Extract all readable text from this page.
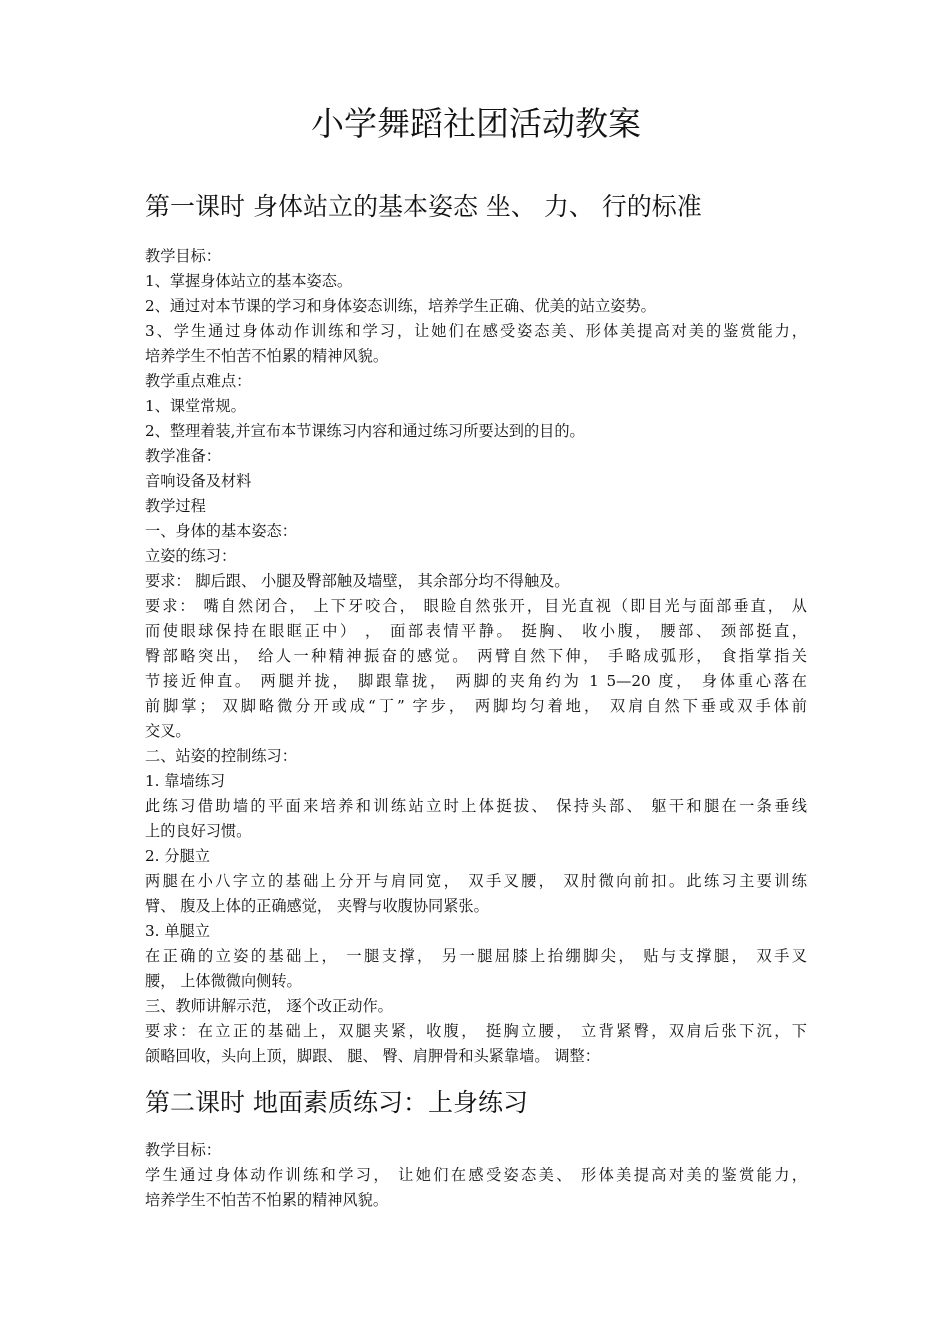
小学舞蹈社团活动教案
第一课时 身体站立的基本姿态 坐、 力、 行的标准
教学目标：
1、掌握身体站立的基本姿态。
2、通过对本节课的学习和身体姿态训练，培养学生正确、优美的站立姿势。
3、学生通过身体动作训练和学习，让她们在感受姿态美、形体美提高对美的鉴赏能力，
培养学生不怕苦不怕累的精神风貌。
教学重点难点：
1、课堂常规。
2、整理着装,并宣布本节课练习内容和通过练习所要达到的目的。
教学准备：
音响设备及材料
教学过程
一、身体的基本姿态：
立姿的练习：
要求： 脚后跟、 小腿及臀部触及墙壁， 其余部分均不得触及。
要求： 嘴自然闭合， 上下牙咬合， 眼睑自然张开，目光直视（即目光与面部垂直， 从
而使眼球保持在眼眶正中） ， 面部表情平静。 挺胸、 收小腹， 腰部、 颈部挺直，
臀部略突出， 给人一种精神振奋的感觉。 两臂自然下伸， 手略成弧形， 食指掌指关
节接近伸直。 两腿并拢， 脚跟靠拢， 两脚的夹角约为 1 5—20 度， 身体重心落在
前脚掌； 双脚略微分开或成“丁” 字步， 两脚均匀着地， 双肩自然下垂或双手体前
交叉。
二、站姿的控制练习：
1. 靠墙练习
此练习借助墙的平面来培养和训练站立时上体挺拔、 保持头部、 躯干和腿在一条垂线
上的良好习惯。
2. 分腿立
两腿在小八字立的基础上分开与肩同宽， 双手叉腰， 双肘微向前扣。此练习主要训练
臂、 腹及上体的正确感觉， 夹臀与收腹协同紧张。
3. 单腿立
在正确的立姿的基础上， 一腿支撑， 另一腿屈膝上抬绷脚尖， 贴与支撑腿， 双手叉
腰， 上体微微向侧转。
三、教师讲解示范， 逐个改正动作。
要求：在立正的基础上，双腿夹紧，收腹， 挺胸立腰， 立背紧臀，双肩后张下沉，下
颌略回收，头向上顶，脚跟、 腿、 臀、肩胛骨和头紧靠墙。 调整：
第二课时 地面素质练习：上身练习
教学目标：
学生通过身体动作训练和学习， 让她们在感受姿态美、 形体美提高对美的鉴赏能力，
培养学生不怕苦不怕累的精神风貌。
